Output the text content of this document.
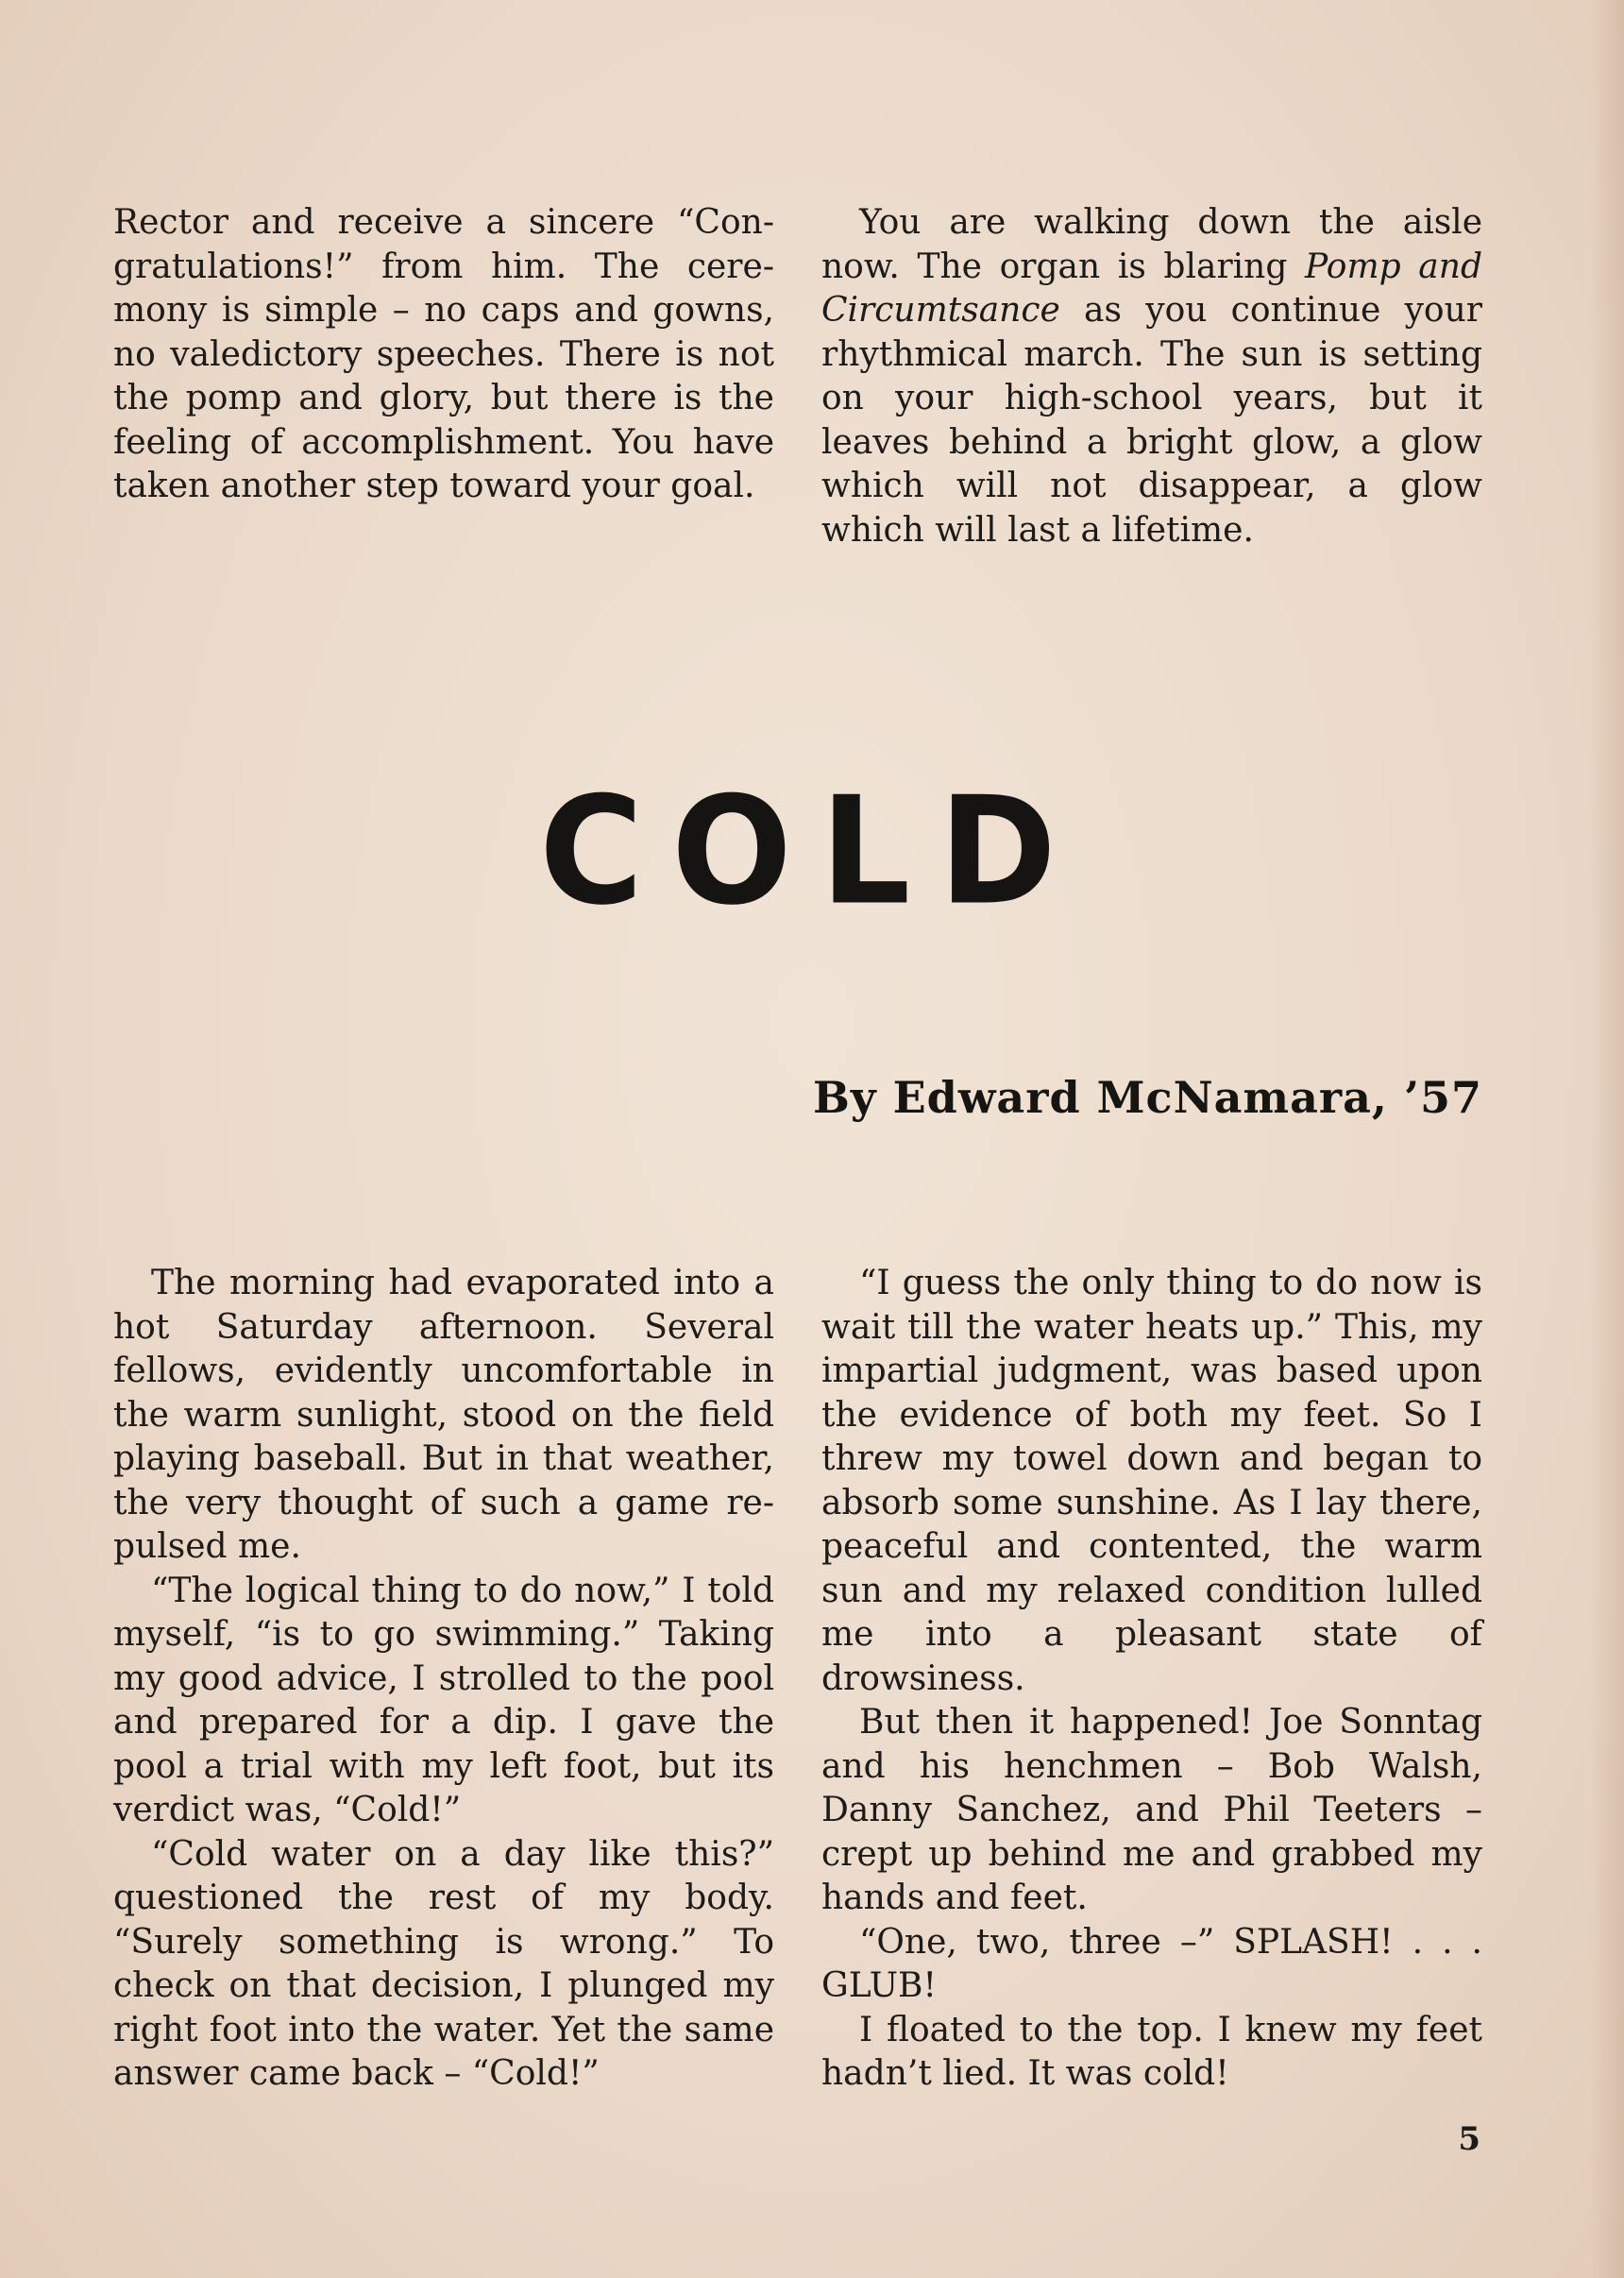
Rector and receive a sincere “Congratulations!” from him. The ceremony is simple – no caps and gowns, no valedictory speeches. There is not the pomp and glory, but there is the feeling of accomplishment. You have taken another step toward your goal.

You are walking down the aisle now. The organ is blaring Pomp and Circumtsance as you continue your rhythmical march. The sun is setting on your high-school years, but it leaves behind a bright glow, a glow which will not disappear, a glow which will last a lifetime.

COLD
By Edward McNamara, ’57

The morning had evaporated into a hot Saturday afternoon. Several fellows, evidently uncomfortable in the warm sunlight, stood on the field playing baseball. But in that weather, the very thought of such a game repulsed me.

“The logical thing to do now,” I told myself, “is to go swimming.” Taking my good advice, I strolled to the pool and prepared for a dip. I gave the pool a trial with my left foot, but its verdict was, “Cold!”

“Cold water on a day like this?” questioned the rest of my body. “Surely something is wrong.” To check on that decision, I plunged my right foot into the water. Yet the same answer came back – “Cold!”

“I guess the only thing to do now is wait till the water heats up.” This, my impartial judgment, was based upon the evidence of both my feet. So I threw my towel down and began to absorb some sunshine. As I lay there, peaceful and contented, the warm sun and my relaxed condition lulled me into a pleasant state of drowsiness.

But then it happened! Joe Sonntag and his henchmen – Bob Walsh, Danny Sanchez, and Phil Teeters – crept up behind me and grabbed my hands and feet.

“One, two, three –” SPLASH! . . . GLUB!

I floated to the top. I knew my feet hadn’t lied. It was cold!

5
